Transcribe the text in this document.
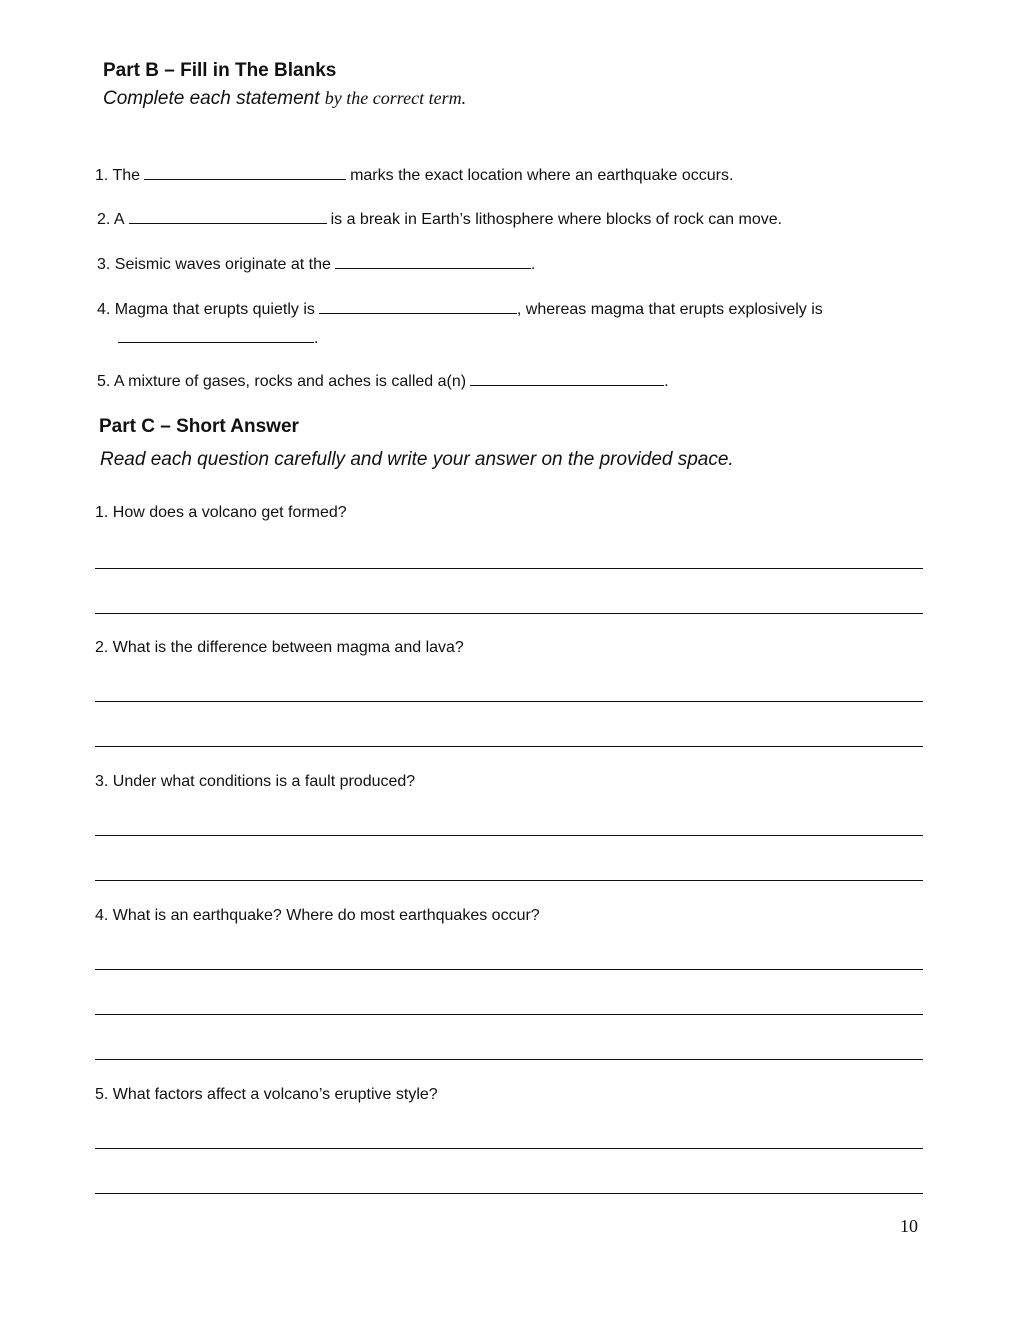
Part B – Fill in The Blanks
Complete each statement by the correct term.
1. The	marks the exact location where an earthquake occurs.
2. A	is a break in Earth’s lithosphere where blocks of rock can move.
3. Seismic waves originate at the	.
4. Magma that erupts quietly is	, whereas magma that erupts explosively is
.
5. A mixture of gases, rocks and aches is called a(n)	.
Part C – Short Answer
Read each question carefully and write your answer on the provided space.
1. How does a volcano get formed?
2. What is the difference between magma and lava?
3. Under what conditions is a fault produced?
4. What is an earthquake? Where do most earthquakes occur?
5. What factors affect a volcano’s eruptive style?
10
